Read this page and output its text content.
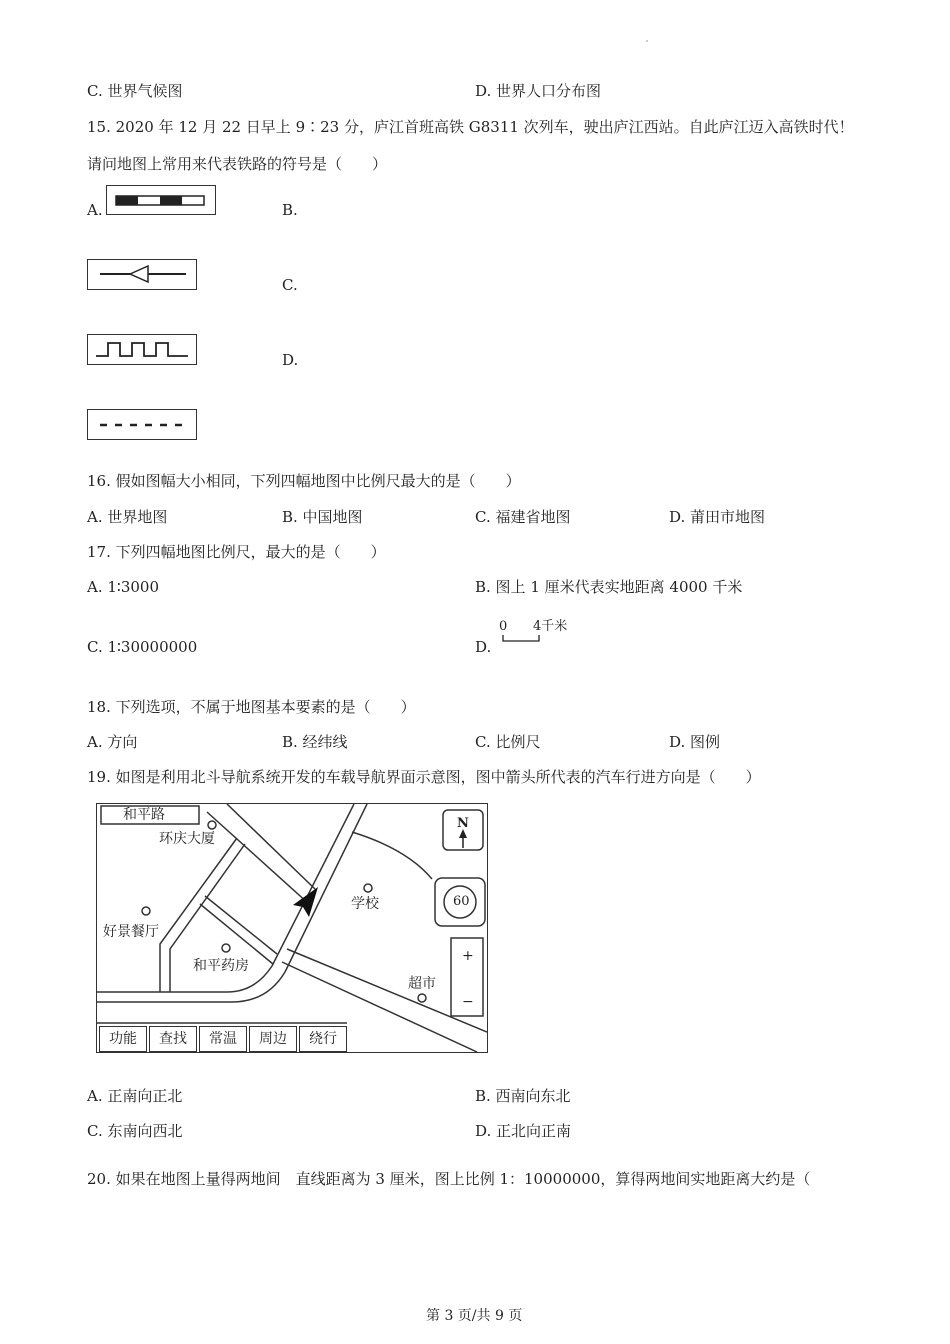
C. 世界气候图	D. 世界人口分布图
15. 2020 年 12 月 22 日早上 9∶23 分，庐江首班高铁 G8311 次列车，驶出庐江西站。自此庐江迈入高铁时代！
请问地图上常用来代表铁路的符号是（　　）
A.	B.
C.
D.
16. 假如图幅大小相同，下列四幅地图中比例尺最大的是（　　）
A. 世界地图	B. 中国地图	C. 福建省地图	D. 莆田市地图
17. 下列四幅地图比例尺，最大的是（　　）
A. 1∶3000	B. 图上 1 厘米代表实地距离 4000 千米
C. 1∶30000000	D.
0 4千米
18. 下列选项，不属于地图基本要素的是（　　）
A. 方向	B. 经纬线	C. 比例尺	D. 图例
19. 如图是利用北斗导航系统开发的车载导航界面示意图，图中箭头所代表的汽车行进方向是（　　）
和平路
环庆大厦
学校
好景餐厅
和平药房
超市
N
60
+
−
功能	查找	常温	周边	绕行
A. 正南向正北	B. 西南向东北
C. 东南向西北	D. 正北向正南
20. 如果在地图上量得两地间　直线距离为 3 厘米，图上比例 1：10000000，算得两地间实地距离大约是（
第 3 页/共 9 页
